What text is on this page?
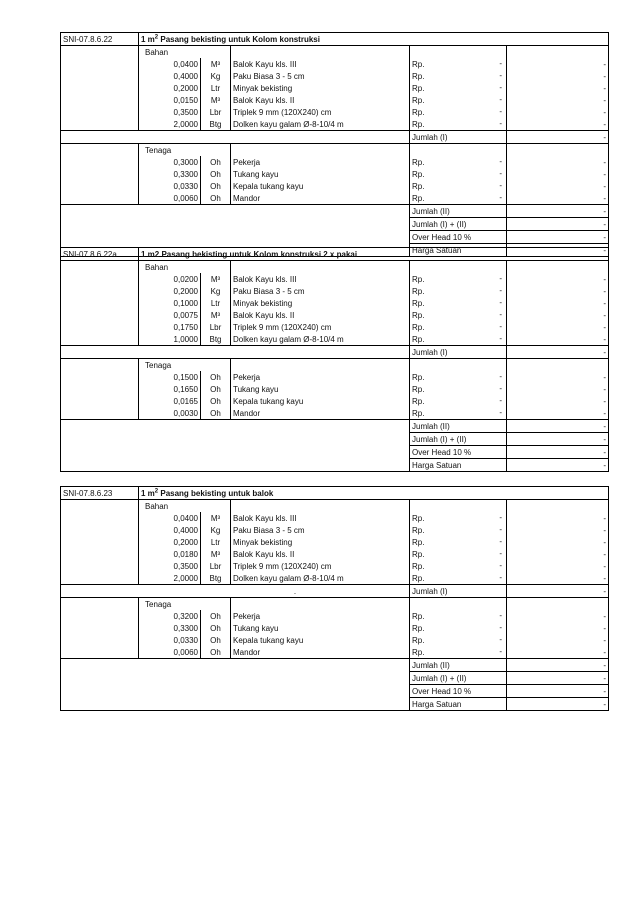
SNI-07.8.6.22	1 $m^2$ Pasang bekisting untuk Kolom konstruksi				
	Bahan				
	0,0400	M³	Balok Kayu kls. III	Rp. -	-
	0,4000	Kg	Paku Biasa 3 - 5 cm	Rp. -	-
	0,2000	Ltr	Minyak bekisting	Rp. -	-
	0,0150	M³	Balok Kayu kls. II	Rp. -	-
	0,3500	Lbr	Triplek 9 mm (120X240) cm	Rp. -	-
	2,0000	Btg	Dolken kayu galam Ø-8-10/4 m	Rp. -	-
				Jumlah (I)	-
	Tenaga				
	0,3000	Oh	Pekerja	Rp. -	-
	0,3300	Oh	Tukang kayu	Rp. -	-
	0,0330	Oh	Kepala tukang kayu	Rp. -	-
	0,0060	Oh	Mandor	Rp. -	-
				Jumlah (II)	-
				Jumlah (I) + (II)	-
				Over Head 10 %	-
				Harga Satuan	-
SNI-07.8.6.22a	1 m2 Pasang bekisting untuk Kolom konstruksi 2 x pakai				
	Bahan				
	0,0200	M³	Balok Kayu kls. III	Rp. -	-
	0,2000	Kg	Paku Biasa 3 - 5 cm	Rp. -	-
	0,1000	Ltr	Minyak bekisting	Rp. -	-
	0,0075	M³	Balok Kayu kls. II	Rp. -	-
	0,1750	Lbr	Triplek 9 mm (120X240) cm	Rp. -	-
	1,0000	Btg	Dolken kayu galam Ø-8-10/4 m	Rp. -	-
				Jumlah (I)	-
	Tenaga				
	0,1500	Oh	Pekerja	Rp. -	-
	0,1650	Oh	Tukang kayu	Rp. -	-
	0,0165	Oh	Kepala tukang kayu	Rp. -	-
	0,0030	Oh	Mandor	Rp. -	-
				Jumlah (II)	-
				Jumlah (I) + (II)	-
				Over Head 10 %	-
				Harga Satuan	-
SNI-07.8.6.23	1 $m^2$ Pasang bekisting untuk balok				
	Bahan				
	0,0400	M³	Balok Kayu kls. III	Rp. -	-
	0,4000	Kg	Paku Biasa 3 - 5 cm	Rp. -	-
	0,2000	Ltr	Minyak bekisting	Rp. -	-
	0,0180	M³	Balok Kayu kls. II	Rp. -	-
	0,3500	Lbr	Triplek 9 mm (120X240) cm	Rp. -	-
	2,0000	Btg	Dolken kayu galam Ø-8-10/4 m	Rp. -	-
.				Jumlah (I)	-
	Tenaga				
	0,3200	Oh	Pekerja	Rp. -	-
	0,3300	Oh	Tukang kayu	Rp. -	-
	0,0330	Oh	Kepala tukang kayu	Rp. -	-
	0,0060	Oh	Mandor	Rp. -	-
				Jumlah (II)	-
				Jumlah (I) + (II)	-
				Over Head 10 %	-
				Harga Satuan	-
